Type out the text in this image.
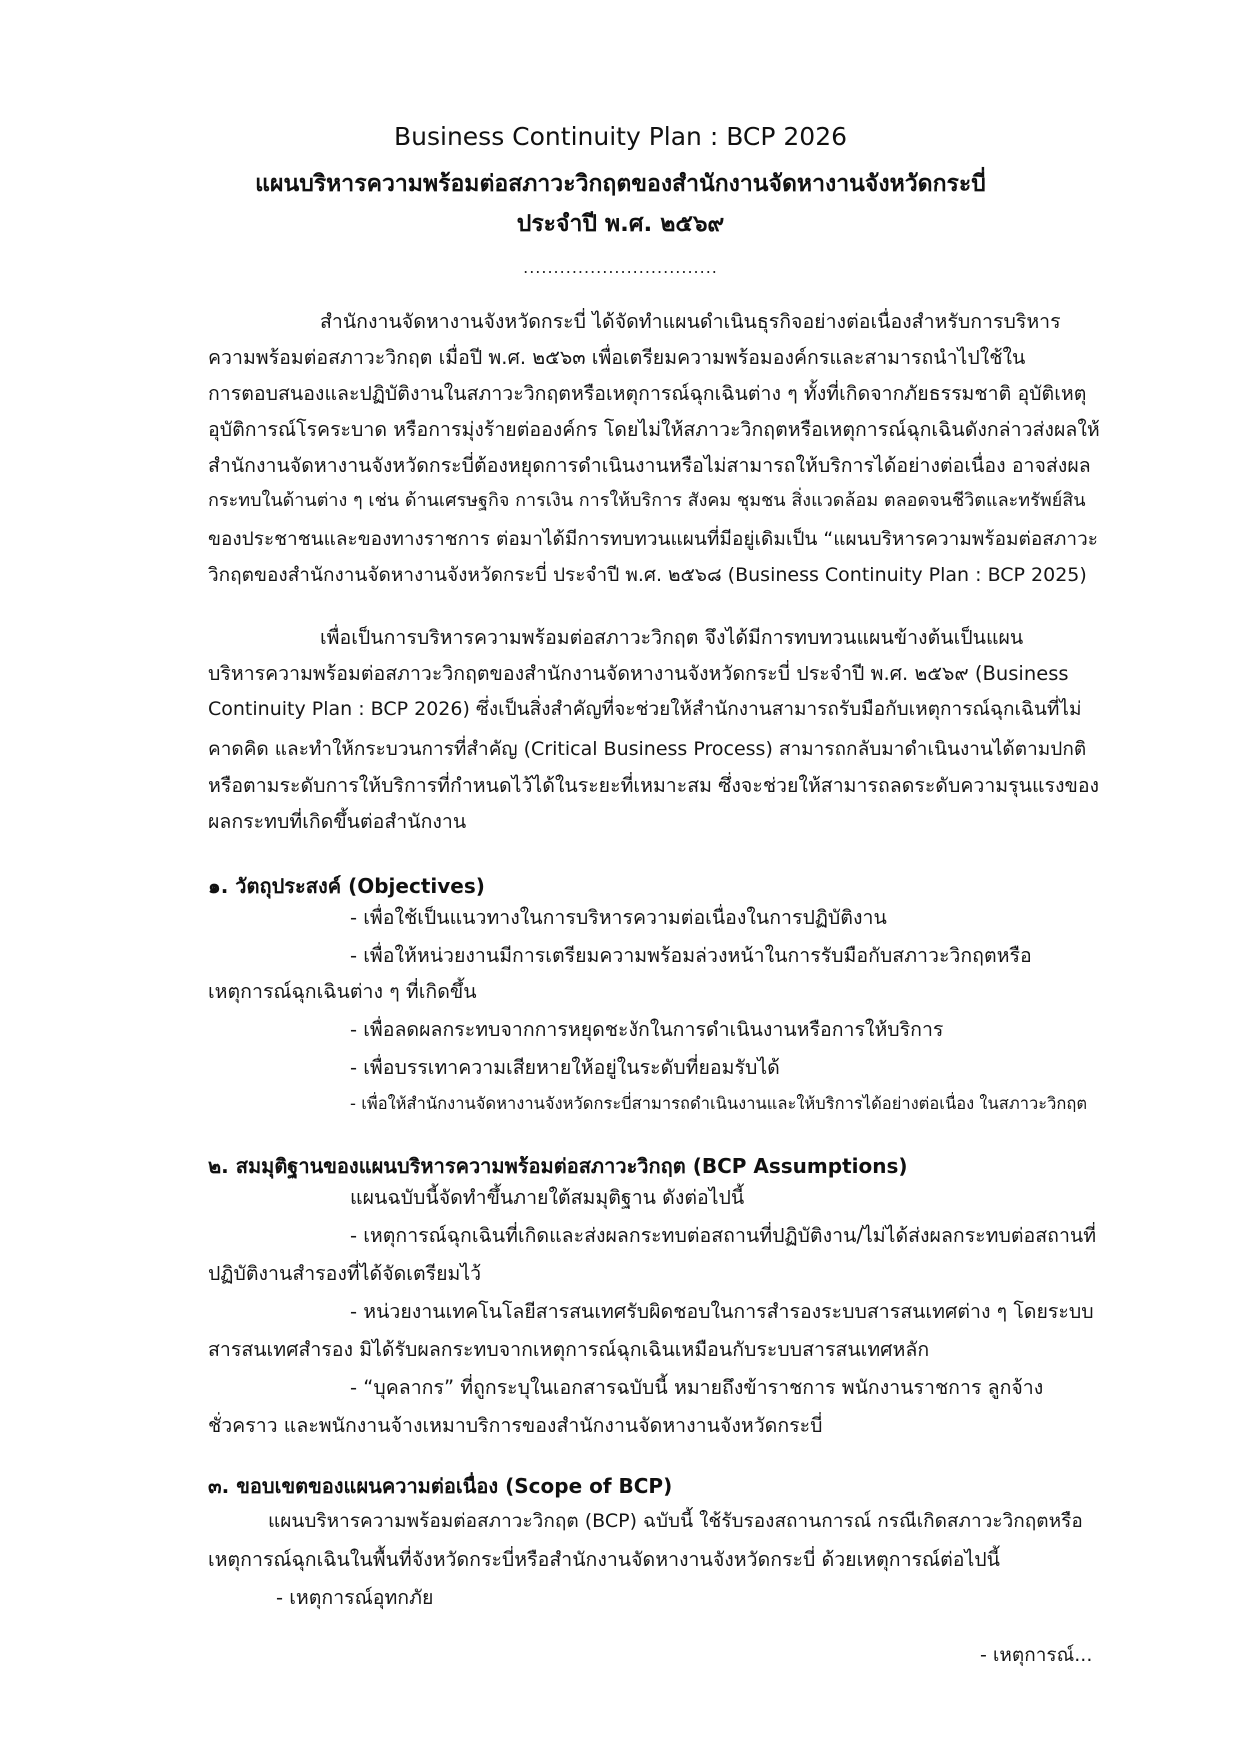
Business Continuity Plan : BCP 2026
แผนบริหารความพร้อมต่อสภาวะวิกฤตของสำนักงานจัดหางานจังหวัดกระบี่
ประจำปี พ.ศ. ๒๕๖๙
................................
สำนักงานจัดหางานจังหวัดกระบี่ ได้จัดทำแผนดำเนินธุรกิจอย่างต่อเนื่องสำหรับการบริหาร
ความพร้อมต่อสภาวะวิกฤต เมื่อปี พ.ศ. ๒๕๖๓ เพื่อเตรียมความพร้อมองค์กรและสามารถนำไปใช้ใน
การตอบสนองและปฏิบัติงานในสภาวะวิกฤตหรือเหตุการณ์ฉุกเฉินต่าง ๆ ทั้งที่เกิดจากภัยธรรมชาติ อุบัติเหตุ
อุบัติการณ์โรคระบาด หรือการมุ่งร้ายต่อองค์กร โดยไม่ให้สภาวะวิกฤตหรือเหตุการณ์ฉุกเฉินดังกล่าวส่งผลให้
สำนักงานจัดหางานจังหวัดกระบี่ต้องหยุดการดำเนินงานหรือไม่สามารถให้บริการได้อย่างต่อเนื่อง อาจส่งผล
กระทบในด้านต่าง ๆ เช่น ด้านเศรษฐกิจ การเงิน การให้บริการ สังคม ชุมชน สิ่งแวดล้อม ตลอดจนชีวิตและทรัพย์สิน
ของประชาชนและของทางราชการ ต่อมาได้มีการทบทวนแผนที่มีอยู่เดิมเป็น “แผนบริหารความพร้อมต่อสภาวะ
วิกฤตของสำนักงานจัดหางานจังหวัดกระบี่ ประจำปี พ.ศ. ๒๕๖๘ (Business Continuity Plan : BCP 2025)
เพื่อเป็นการบริหารความพร้อมต่อสภาวะวิกฤต จึงได้มีการทบทวนแผนข้างต้นเป็นแผน
บริหารความพร้อมต่อสภาวะวิกฤตของสำนักงานจัดหางานจังหวัดกระบี่ ประจำปี พ.ศ. ๒๕๖๙ (Business
Continuity Plan : BCP 2026) ซึ่งเป็นสิ่งสำคัญที่จะช่วยให้สำนักงานสามารถรับมือกับเหตุการณ์ฉุกเฉินที่ไม่
คาดคิด และทำให้กระบวนการที่สำคัญ (Critical Business Process) สามารถกลับมาดำเนินงานได้ตามปกติ
หรือตามระดับการให้บริการที่กำหนดไว้ได้ในระยะที่เหมาะสม ซึ่งจะช่วยให้สามารถลดระดับความรุนแรงของ
ผลกระทบที่เกิดขึ้นต่อสำนักงาน
๑. วัตถุประสงค์ (Objectives)
- เพื่อใช้เป็นแนวทางในการบริหารความต่อเนื่องในการปฏิบัติงาน
- เพื่อให้หน่วยงานมีการเตรียมความพร้อมล่วงหน้าในการรับมือกับสภาวะวิกฤตหรือ
เหตุการณ์ฉุกเฉินต่าง ๆ ที่เกิดขึ้น
- เพื่อลดผลกระทบจากการหยุดชะงักในการดำเนินงานหรือการให้บริการ
- เพื่อบรรเทาความเสียหายให้อยู่ในระดับที่ยอมรับได้
- เพื่อให้สำนักงานจัดหางานจังหวัดกระบี่สามารถดำเนินงานและให้บริการได้อย่างต่อเนื่อง ในสภาวะวิกฤต
๒. สมมุติฐานของแผนบริหารความพร้อมต่อสภาวะวิกฤต (BCP Assumptions)
แผนฉบับนี้จัดทำขึ้นภายใต้สมมุติฐาน ดังต่อไปนี้
- เหตุการณ์ฉุกเฉินที่เกิดและส่งผลกระทบต่อสถานที่ปฏิบัติงาน/ไม่ได้ส่งผลกระทบต่อสถานที่
ปฏิบัติงานสำรองที่ได้จัดเตรียมไว้
- หน่วยงานเทคโนโลยีสารสนเทศรับผิดชอบในการสำรองระบบสารสนเทศต่าง ๆ โดยระบบ
สารสนเทศสำรอง มิได้รับผลกระทบจากเหตุการณ์ฉุกเฉินเหมือนกับระบบสารสนเทศหลัก
- “บุคลากร” ที่ถูกระบุในเอกสารฉบับนี้ หมายถึงข้าราชการ พนักงานราชการ ลูกจ้าง
ชั่วคราว และพนักงานจ้างเหมาบริการของสำนักงานจัดหางานจังหวัดกระบี่
๓. ขอบเขตของแผนความต่อเนื่อง (Scope of BCP)
แผนบริหารความพร้อมต่อสภาวะวิกฤต (BCP) ฉบับนี้ ใช้รับรองสถานการณ์ กรณีเกิดสภาวะวิกฤตหรือ
เหตุการณ์ฉุกเฉินในพื้นที่จังหวัดกระบี่หรือสำนักงานจัดหางานจังหวัดกระบี่ ด้วยเหตุการณ์ต่อไปนี้
- เหตุการณ์อุทกภัย
- เหตุการณ์...
